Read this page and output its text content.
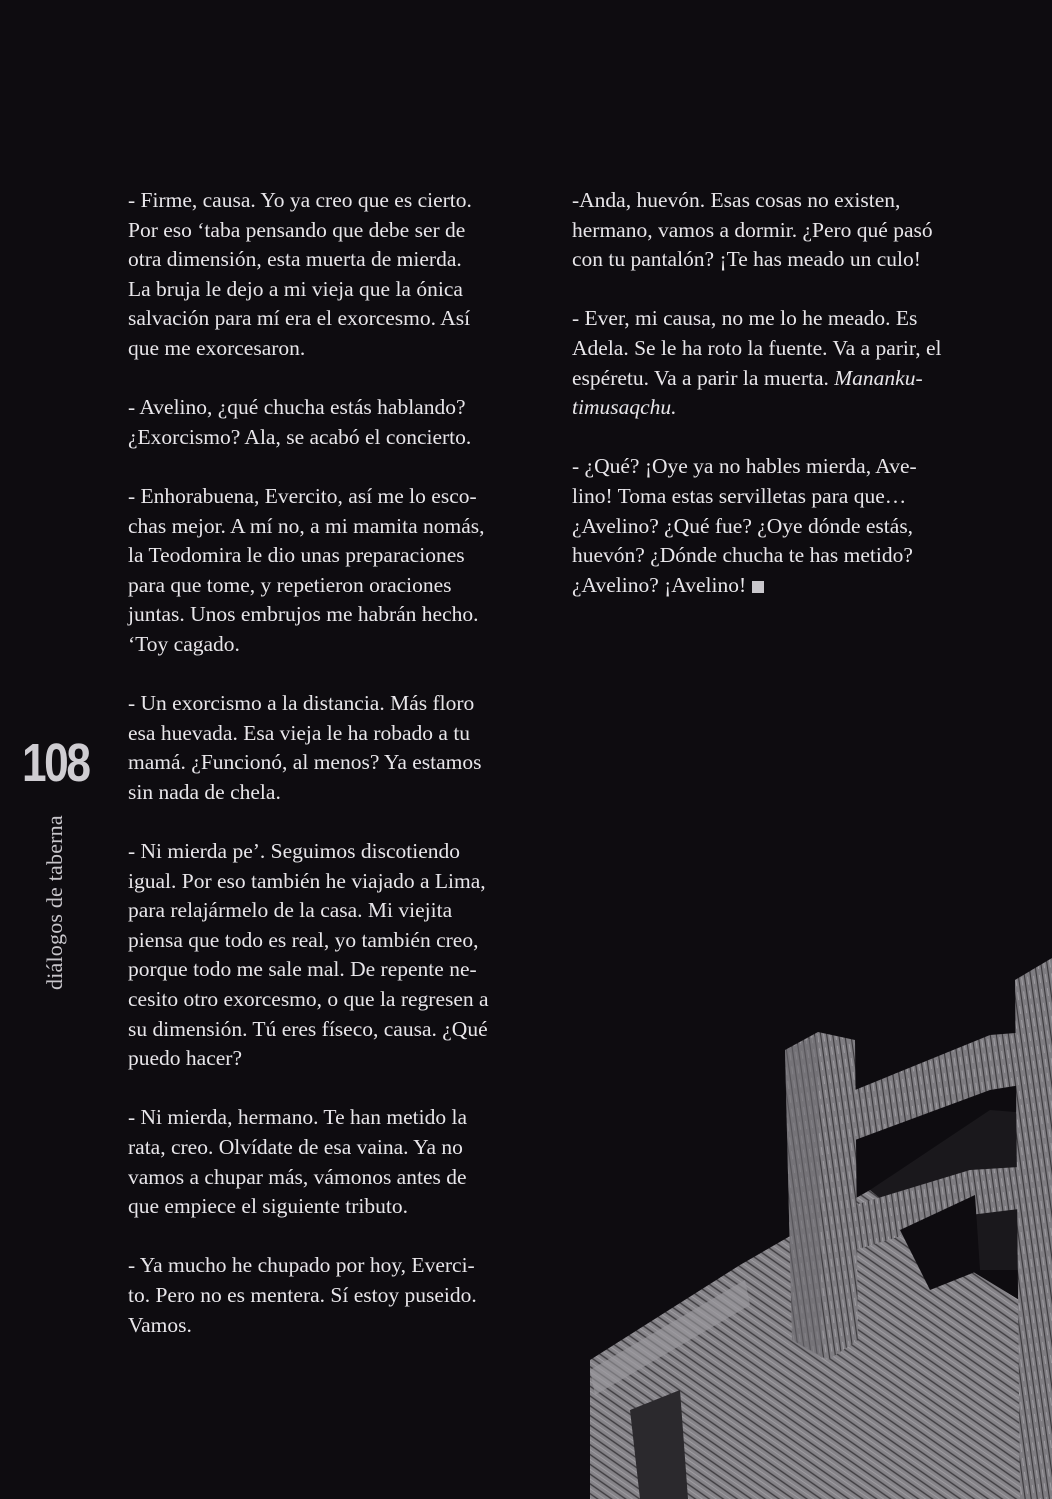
- Firme, causa. Yo ya creo que es cierto.
Por eso ‘taba pensando que debe ser de
otra dimensión, esta muerta de mierda.
La bruja le dejo a mi vieja que la ónica
salvación para mí era el exorcesmo. Así
que me exorcesaron.
- Avelino, ¿qué chucha estás hablando?
¿Exorcismo? Ala, se acabó el concierto.
- Enhorabuena, Evercito, así me lo esco-
chas mejor. A mí no, a mi mamita nomás,
la Teodomira le dio unas preparaciones
para que tome, y repetieron oraciones
juntas. Unos embrujos me habrán hecho.
‘Toy cagado.
- Un exorcismo a la distancia. Más floro
esa huevada. Esa vieja le ha robado a tu
mamá. ¿Funcionó, al menos? Ya estamos
sin nada de chela.
- Ni mierda pe’. Seguimos discotiendo
igual. Por eso también he viajado a Lima,
para relajármelo de la casa. Mi viejita
piensa que todo es real, yo también creo,
porque todo me sale mal. De repente ne-
cesito otro exorcesmo, o que la regresen a
su dimensión. Tú eres físeco, causa. ¿Qué
puedo hacer?
- Ni mierda, hermano. Te han metido la
rata, creo. Olvídate de esa vaina. Ya no
vamos a chupar más, vámonos antes de
que empiece el siguiente tributo.
- Ya mucho he chupado por hoy, Everci-
to. Pero no es mentera. Sí estoy puseido.
Vamos.
-Anda, huevón. Esas cosas no existen,
hermano, vamos a dormir. ¿Pero qué pasó
con tu pantalón? ¡Te has meado un culo!
- Ever, mi causa, no me lo he meado. Es
Adela. Se le ha roto la fuente. Va a parir, el
espéretu. Va a parir la muerta. Mananku-
timusaqchu.
- ¿Qué? ¡Oye ya no hables mierda, Ave-
lino! Toma estas servilletas para que…
¿Avelino? ¿Qué fue? ¿Oye dónde estás,
huevón? ¿Dónde chucha te has metido?
¿Avelino? ¡Avelino!
108
diálogos de taberna
